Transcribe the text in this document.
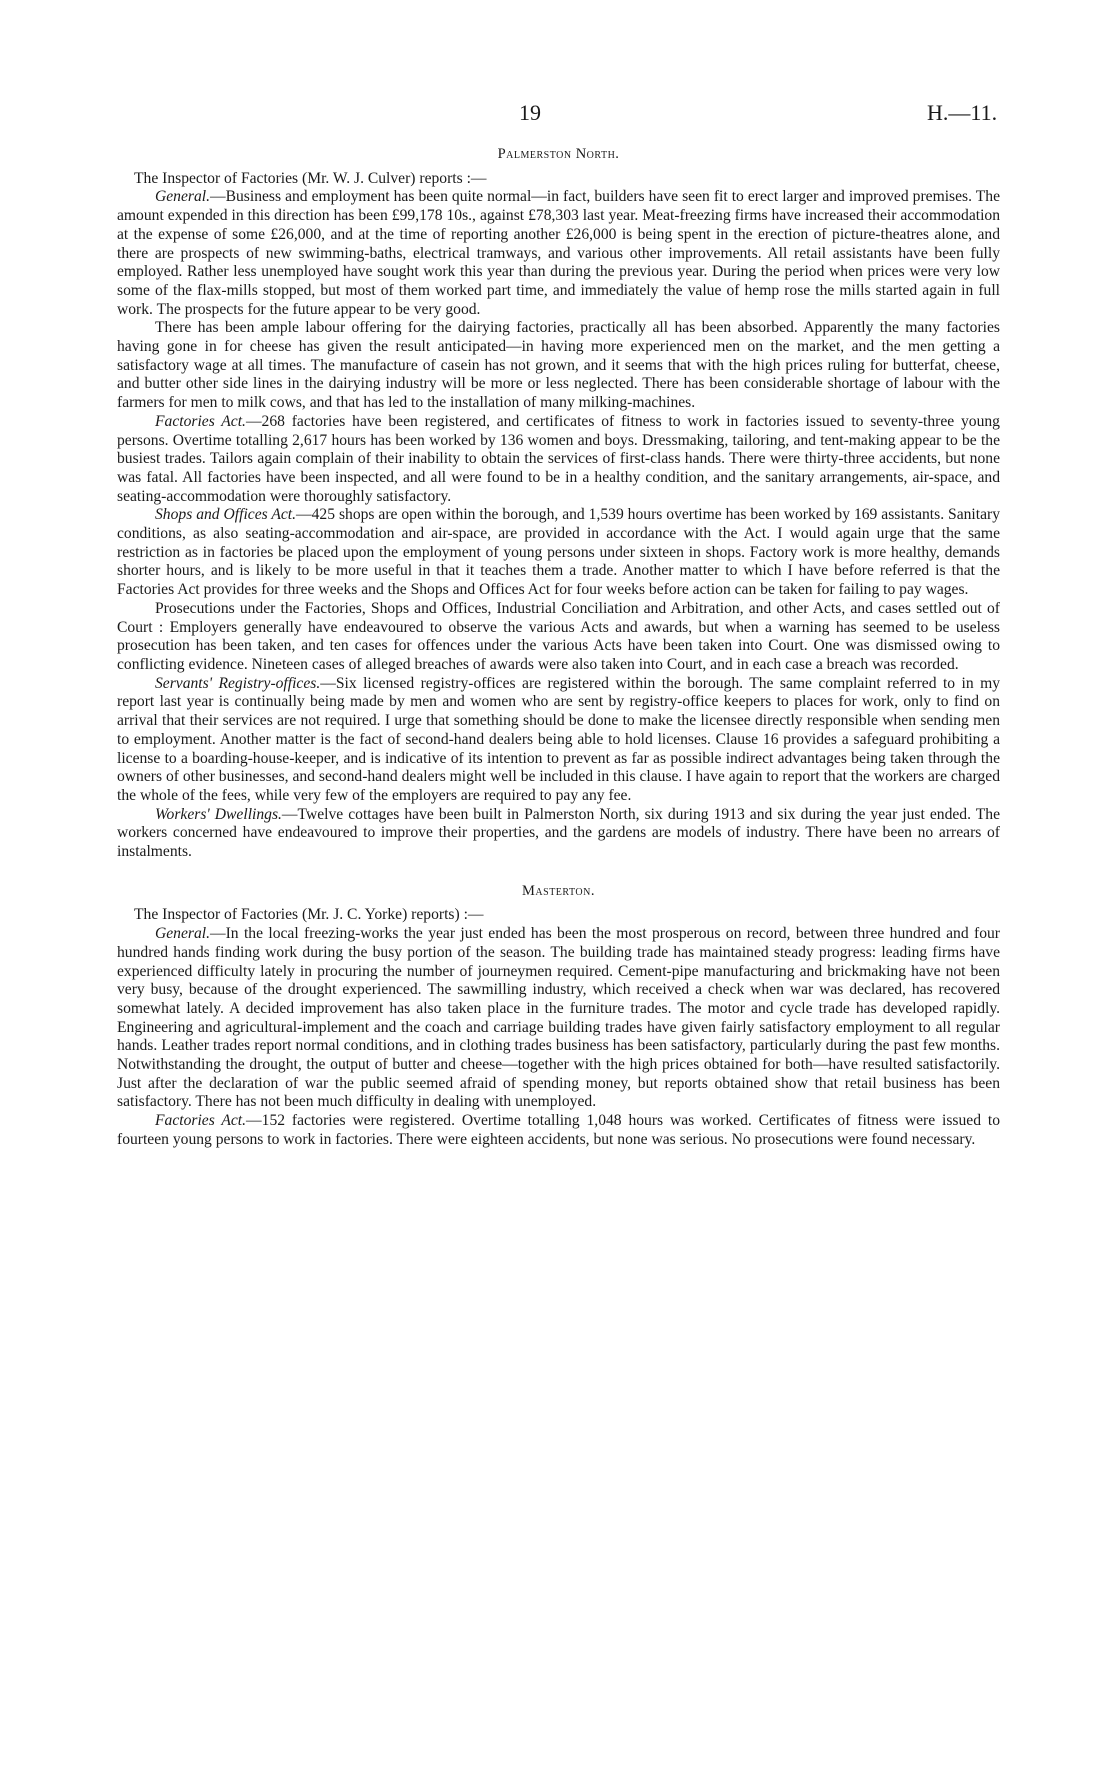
19	H.—11.
Palmerston North.

The Inspector of Factories (Mr. W. J. Culver) reports :—

General.—Business and employment has been quite normal—in fact, builders have seen fit to erect larger and improved premises. The amount expended in this direction has been £99,178 10s., against £78,303 last year. Meat-freezing firms have increased their accommodation at the expense of some £26,000, and at the time of reporting another £26,000 is being spent in the erection of picture-theatres alone, and there are prospects of new swimming-baths, electrical tramways, and various other improvements. All retail assistants have been fully employed. Rather less unemployed have sought work this year than during the previous year. During the period when prices were very low some of the flax-mills stopped, but most of them worked part time, and immediately the value of hemp rose the mills started again in full work. The prospects for the future appear to be very good.

There has been ample labour offering for the dairying factories, practically all has been absorbed. Apparently the many factories having gone in for cheese has given the result anticipated—in having more experienced men on the market, and the men getting a satisfactory wage at all times. The manufacture of casein has not grown, and it seems that with the high prices ruling for butterfat, cheese, and butter other side lines in the dairying industry will be more or less neglected. There has been considerable shortage of labour with the farmers for men to milk cows, and that has led to the installation of many milking-machines.

Factories Act.—268 factories have been registered, and certificates of fitness to work in factories issued to seventy-three young persons. Overtime totalling 2,617 hours has been worked by 136 women and boys. Dressmaking, tailoring, and tent-making appear to be the busiest trades. Tailors again complain of their inability to obtain the services of first-class hands. There were thirty-three accidents, but none was fatal. All factories have been inspected, and all were found to be in a healthy condition, and the sanitary arrangements, air-space, and seating-accommodation were thoroughly satisfactory.

Shops and Offices Act.—425 shops are open within the borough, and 1,539 hours overtime has been worked by 169 assistants. Sanitary conditions, as also seating-accommodation and air-space, are provided in accordance with the Act. I would again urge that the same restriction as in factories be placed upon the employment of young persons under sixteen in shops. Factory work is more healthy, demands shorter hours, and is likely to be more useful in that it teaches them a trade. Another matter to which I have before referred is that the Factories Act provides for three weeks and the Shops and Offices Act for four weeks before action can be taken for failing to pay wages.

Prosecutions under the Factories, Shops and Offices, Industrial Conciliation and Arbitration, and other Acts, and cases settled out of Court : Employers generally have endeavoured to observe the various Acts and awards, but when a warning has seemed to be useless prosecution has been taken, and ten cases for offences under the various Acts have been taken into Court. One was dismissed owing to conflicting evidence. Nineteen cases of alleged breaches of awards were also taken into Court, and in each case a breach was recorded.

Servants' Registry-offices.—Six licensed registry-offices are registered within the borough. The same complaint referred to in my report last year is continually being made by men and women who are sent by registry-office keepers to places for work, only to find on arrival that their services are not required. I urge that something should be done to make the licensee directly responsible when sending men to employment. Another matter is the fact of second-hand dealers being able to hold licenses. Clause 16 provides a safeguard prohibiting a license to a boarding-house-keeper, and is indicative of its intention to prevent as far as possible indirect advantages being taken through the owners of other businesses, and second-hand dealers might well be included in this clause. I have again to report that the workers are charged the whole of the fees, while very few of the employers are required to pay any fee.

Workers' Dwellings.—Twelve cottages have been built in Palmerston North, six during 1913 and six during the year just ended. The workers concerned have endeavoured to improve their properties, and the gardens are models of industry. There have been no arrears of instalments.

Masterton.

The Inspector of Factories (Mr. J. C. Yorke) reports) :—

General.—In the local freezing-works the year just ended has been the most prosperous on record, between three hundred and four hundred hands finding work during the busy portion of the season. The building trade has maintained steady progress: leading firms have experienced difficulty lately in procuring the number of journeymen required. Cement-pipe manufacturing and brickmaking have not been very busy, because of the drought experienced. The sawmilling industry, which received a check when war was declared, has recovered somewhat lately. A decided improvement has also taken place in the furniture trades. The motor and cycle trade has developed rapidly. Engineering and agricultural-implement and the coach and carriage building trades have given fairly satisfactory employment to all regular hands. Leather trades report normal conditions, and in clothing trades business has been satisfactory, particularly during the past few months. Notwithstanding the drought, the output of butter and cheese—together with the high prices obtained for both—have resulted satisfactorily. Just after the declaration of war the public seemed afraid of spending money, but reports obtained show that retail business has been satisfactory. There has not been much difficulty in dealing with unemployed.

Factories Act.—152 factories were registered. Overtime totalling 1,048 hours was worked. Certificates of fitness were issued to fourteen young persons to work in factories. There were eighteen accidents, but none was serious. No prosecutions were found necessary.
